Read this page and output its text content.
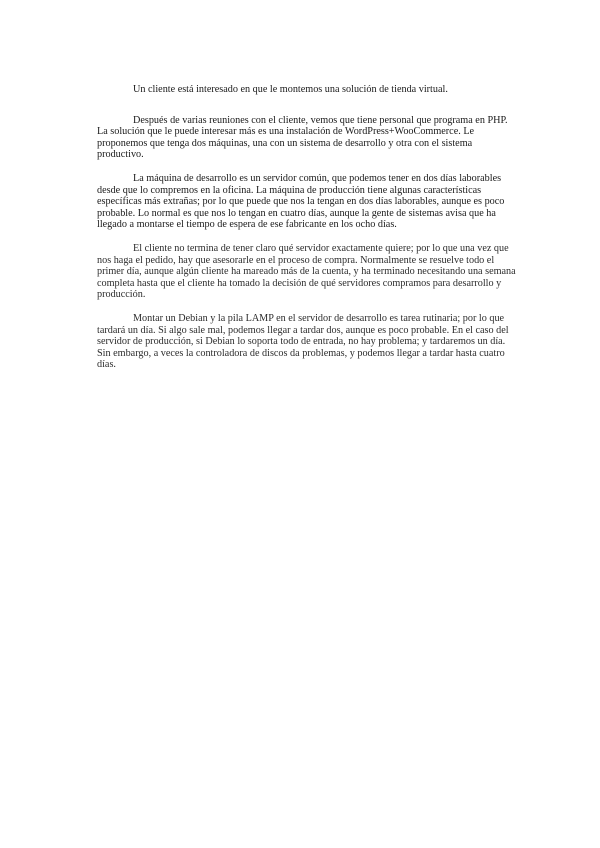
Un cliente está interesado en que le montemos una solución de tienda virtual.

Después de varias reuniones con el cliente, vemos que tiene personal que programa en PHP. La solución que le puede interesar más es una instalación de WordPress+WooCommerce. Le proponemos que tenga dos máquinas, una con un sistema de desarrollo y otra con el sistema productivo.

La máquina de desarrollo es un servidor común, que podemos tener en dos días laborables desde que lo compremos en la oficina. La máquina de producción tiene algunas características específicas más extrañas; por lo que puede que nos la tengan en dos días laborables, aunque es poco probable. Lo normal es que nos lo tengan en cuatro días, aunque la gente de sistemas avisa que ha llegado a montarse el tiempo de espera de ese fabricante en los ocho días.

El cliente no termina de tener claro qué servidor exactamente quiere; por lo que una vez que nos haga el pedido, hay que asesorarle en el proceso de compra. Normalmente se resuelve todo el primer día, aunque algún cliente ha mareado más de la cuenta, y ha terminado necesitando una semana completa hasta que el cliente ha tomado la decisión de qué servidores compramos para desarrollo y producción.

Montar un Debian y la pila LAMP en el servidor de desarrollo es tarea rutinaria; por lo que tardará un día. Si algo sale mal, podemos llegar a tardar dos, aunque es poco probable. En el caso del servidor de producción, si Debian lo soporta todo de entrada, no hay problema; y tardaremos un día. Sin embargo, a veces la controladora de discos da problemas, y podemos llegar a tardar hasta cuatro días.
